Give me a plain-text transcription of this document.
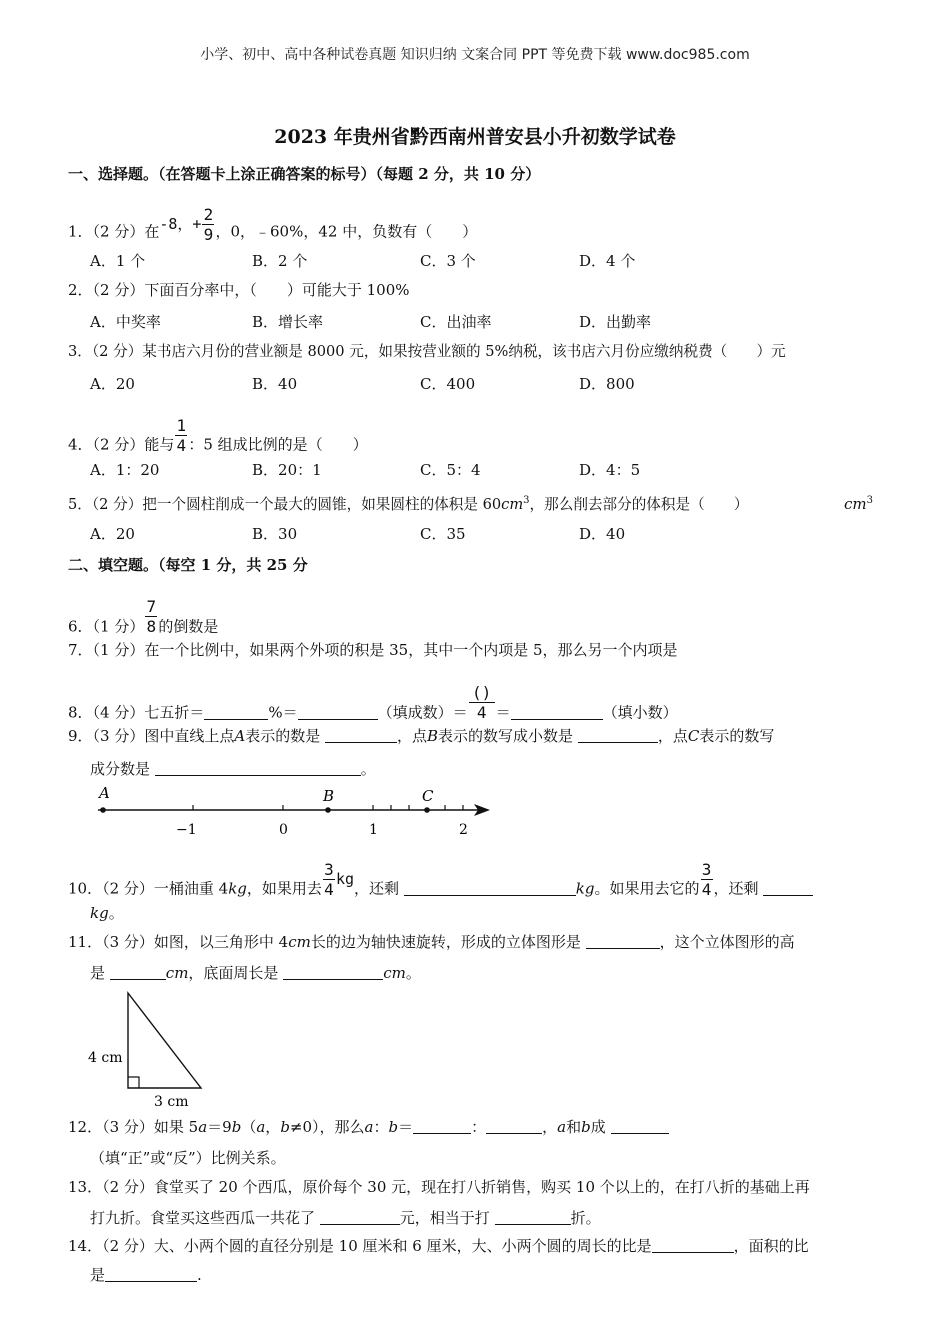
小学、初中、高中各种试卷真题 知识归纳 文案合同 PPT 等免费下载 www.doc985.com
2023 年贵州省黔西南州普安县小升初数学试卷
一、选择题。（在答题卡上涂正确答案的标号）（每题 2 分，共 10 分）
1．（2 分）在-8，+ $\frac{2}{9}$ ，0，﹣60%，42 中，负数有（　　）
A．1 个	B．2 个	C．3 个	D．4 个
2．（2 分）下面百分率中，（　　）可能大于 100%
A．中奖率	B．增长率	C．出油率	D．出勤率
3．（2 分）某书店六月份的营业额是 8000 元，如果按营业额的 5%纳税，该书店六月份应缴纳税费（　　）元
A．20	B．40	C．400	D．800
4．（2 分）能与 $\frac{1}{4}$ ：5 组成比例的是（　　）
A．1：20	B．20：1	C．5：4	D．4：5
5．（2 分）把一个圆柱削成一个最大的圆锥，如果圆柱的体积是 $60cm^3$，那么削去部分的体积是（　　）	$cm^3$
A．20	B．30	C．35	D．40
二、填空题。（每空 1 分，共 25 分
6．（1 分） $\frac{7}{8}$ 的倒数是
7．（1 分）在一个比例中，如果两个外项的积是 35，其中一个内项是 5，那么另一个内项是
8．（4 分）七五折＝	%＝	（填成数）＝ $\frac{()}{4}$ ＝	（填小数）
9．（3 分）图中直线上点A表示的数是	，点B表示的数写成小数是	，点C表示的数写
成分数是	。
A	B	C
−1	0	1	2
10．（2 分）一桶油重 4kg，如果用去 $\frac{3}{4}$ kg，还剩	kg。如果用去它的 $\frac{3}{4}$ ，还剩
kg。
11．（3 分）如图，以三角形中 4cm长的边为轴快速旋转，形成的立体图形是	，这个立体图形的高
是	cm，底面周长是	cm。
4 cm
3 cm
12．（3 分）如果 5a＝9b（a，b≠0），那么a：b＝	：	，a和b成
（填“正”或“反”）比例关系。
13．（2 分）食堂买了 20 个西瓜，原价每个 30 元，现在打八折销售，购买 10 个以上的，在打八折的基础上再
打九折。食堂买这些西瓜一共花了	元，相当于打	折。
14．（2 分）大、小两个圆的直径分别是 10 厘米和 6 厘米，大、小两个圆的周长的比是	，面积的比
是	.
